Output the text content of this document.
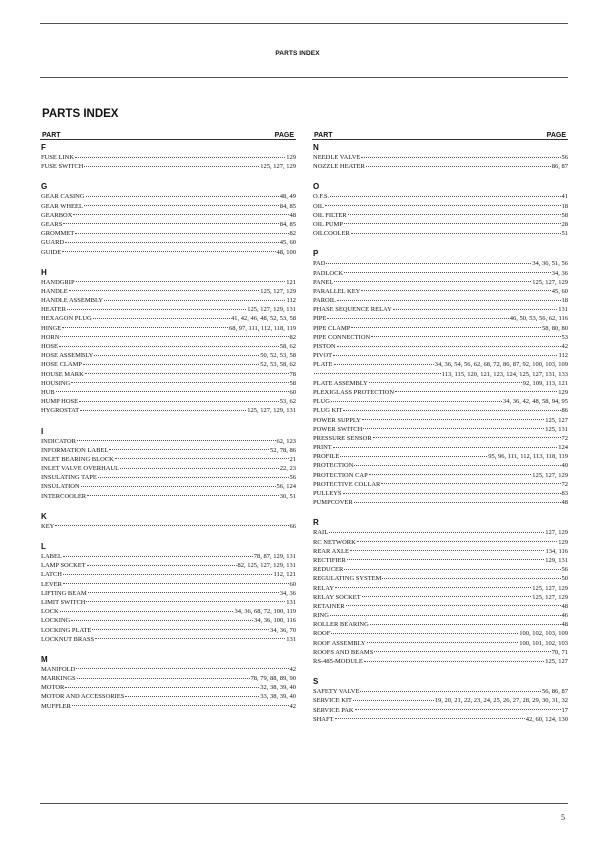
PARTS INDEX
PARTS INDEX
PART	PAGE
F
FUSE LINK	129
FUSE SWITCH	125, 127, 129
G
GEAR CASING	48, 49
GEAR WHEEL	84, 85
GEARBOX	48
GEARS	84, 85
GROMMET	82
GUARD	45, 60
GUIDE	48, 100
H
HANDGRIP	121
HANDLE	125, 127, 129
HANDLE ASSEMBLY	112
HEATER	125, 127, 129, 131
HEXAGON PLUG	41, 42, 46, 48, 52, 53, 58
HINGE	68, 97, 111, 112, 118, 119
HORN	82
HOSE	58, 62
HOSE ASSEMBLY	50, 52, 53, 58
HOSE CLAMP	52, 53, 58, 62
HOUSE MARK	78
HOUSING	58
HUB	60
HUMP HOSE	53, 62
HYGROSTAT	125, 127, 129, 131
I
INDICATOR	62, 123
INFORMATION LABEL	52, 78, 86
INLET BEARING BLOCK	21
INLET VALVE OVERHAUL	22, 23
INSULATING TAPE	56
INSULATION	56, 124
INTERCOOLER	30, 51
K
KEY	66
L
LABEL	78, 87, 129, 131
LAMP SOCKET	82, 125, 127, 129, 131
LATCH	112, 121
LEVER	60
LIFTING BEAM	34, 36
LIMIT SWITCH	131
LOCK	34, 36, 68, 72, 100, 119
LOCKING	34, 36, 100, 116
LOCKING PLATE	34, 36, 70
LOCKNUT BRASS	131
M
MANIFOLD	42
MARKINGS	78, 79, 88, 89, 90
MOTOR	32, 38, 39, 40
MOTOR AND ACCESSORIES	33, 38, 39, 40
MUFFLER	42
PART	PAGE
N
NEEDLE VALVE	56
NOZZLE HEATER	86, 87
O
O.F.S.	41
OIL	18
OIL FILTER	58
OIL PUMP	28
OILCOOLER	51
P
PAD	34, 36, 51, 56
PADLOCK	34, 36
PANEL	125, 127, 129
PARALLEL KEY	45, 60
PAROIL	18
PHASE SEQUENCE RELAY	131
PIPE	46, 50, 53, 56, 62, 116
PIPE CLAMP	58, 80, 80
PIPE CONNECTION	53
PISTON	42
PIVOT	112
PLATE	34, 36, 54, 56, 62, 68, 72, 86, 87, 92, 100, 103, 109
113, 115, 120, 121, 123, 124, 125, 127, 131, 133
PLATE ASSEMBLY	92, 109, 113, 121
PLEXIGLASS PROTECTION	129
PLUG	34, 36, 42, 48, 58, 94, 95
PLUG KIT	86
POWER SUPPLY	125, 127
POWER SWITCH	125, 131
PRESSURE SENSOR	72
PRINT	124
PROFILE	95, 96, 111, 112, 113, 118, 119
PROTECTION	40
PROTECTION CAP	125, 127, 129
PROTECTIVE COLLAR	72
PULLEYS	83
PUMPCOVER	48
R
RAIL	127, 129
RC NETWORK	129
REAR AXLE	134, 116
RECTIFIER	129, 131
REDUCER	56
REGULATING SYSTEM	50
RELAY	125, 127, 129
RELAY SOCKET	125, 127, 129
RETAINER	48
RING	46
ROLLER BEARING	48
ROOF	100, 102, 103, 109
ROOF ASSEMBLY	100, 101, 102, 103
ROOFS AND BEAMS	70, 71
RS-485-MODULE	125, 127
S
SAFETY VALVE	56, 86, 87
SERVICE KIT	19, 20, 21, 22, 23, 24, 25, 26, 27, 28, 29, 30, 31, 32
SERVICE PAK	17
SHAFT	42, 60, 124, 130
5
